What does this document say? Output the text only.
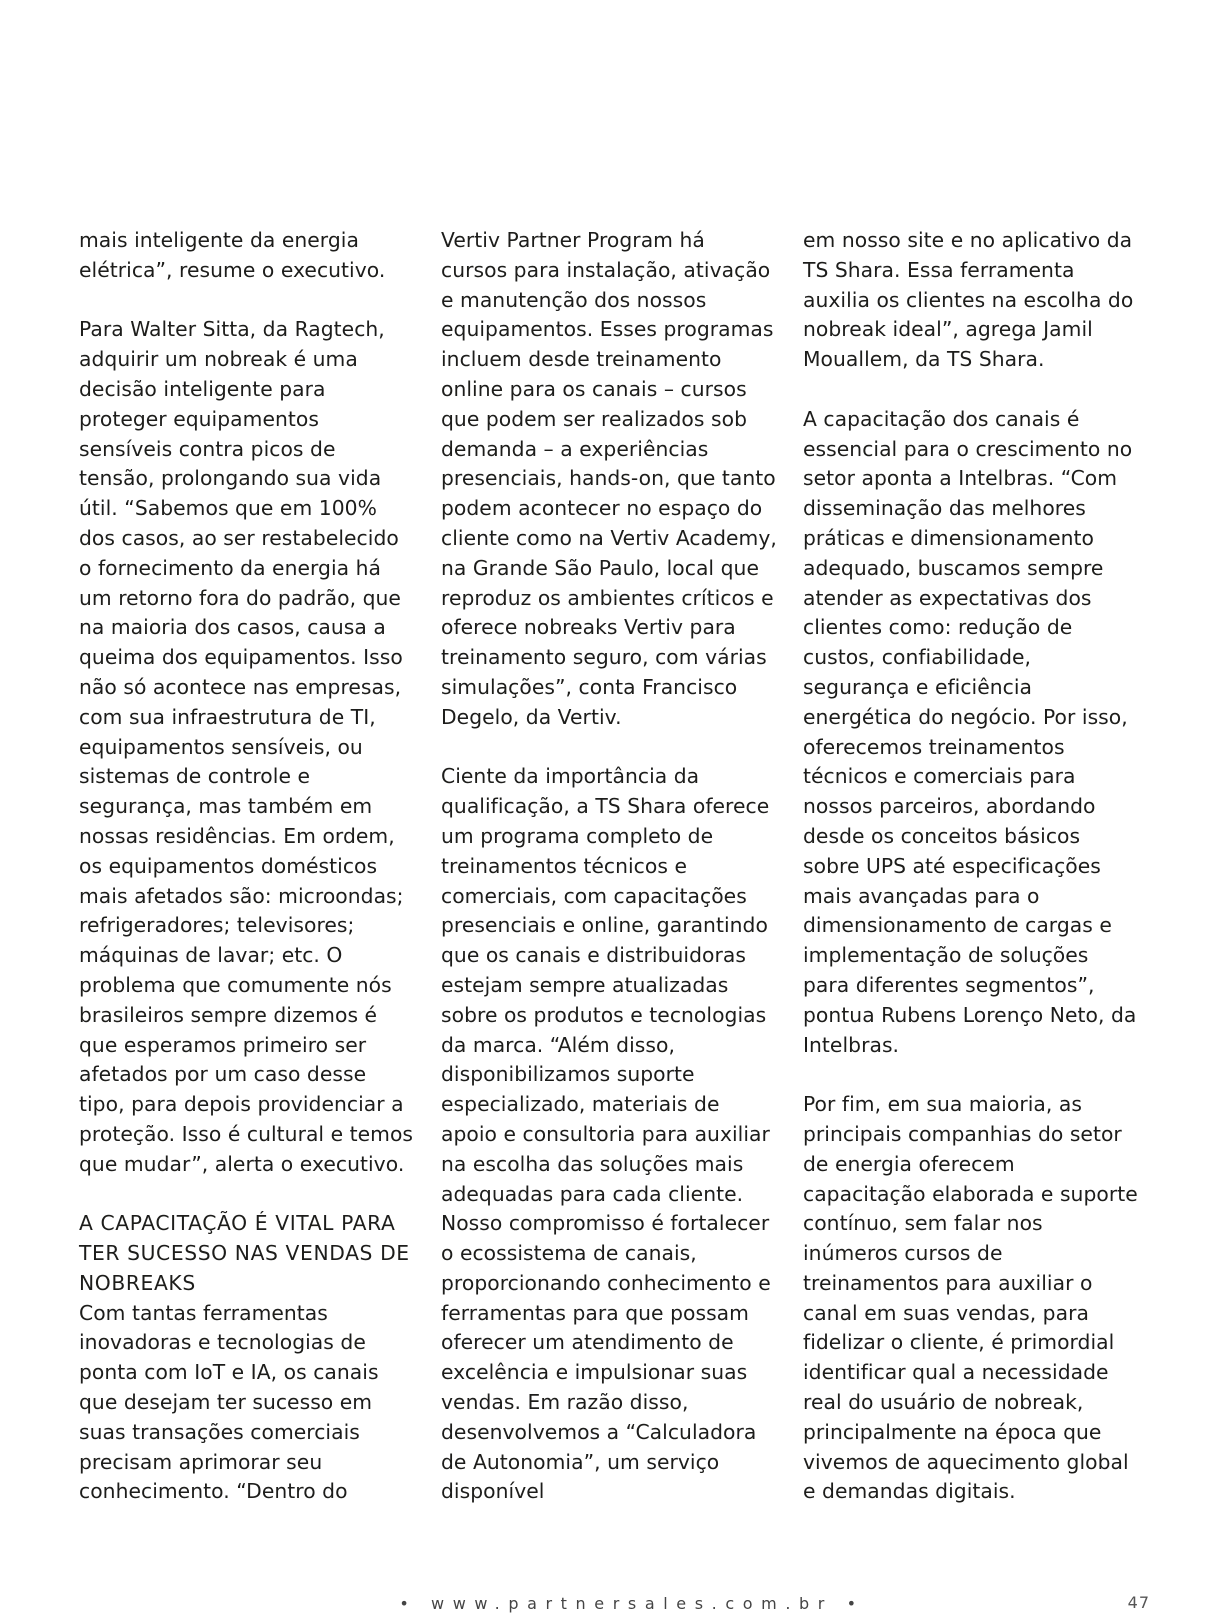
mais inteligente da energia elétrica”, resume o executivo.

Para Walter Sitta, da Ragtech, adquirir um nobreak é uma decisão inteligente para proteger equipamentos sensíveis contra picos de tensão, prolongando sua vida útil. “Sabemos que em 100% dos casos, ao ser restabelecido o fornecimento da energia há um retorno fora do padrão, que na maioria dos casos, causa a queima dos equipamentos. Isso não só acontece nas empresas, com sua infraestrutura de TI, equipamentos sensíveis, ou sistemas de controle e segurança, mas também em nossas residências. Em ordem, os equipamentos domésticos mais afetados são: microondas; refrigeradores; televisores; máquinas de lavar; etc. O problema que comumente nós brasileiros sempre dizemos é que esperamos primeiro ser afetados por um caso desse tipo, para depois providenciar a proteção. Isso é cultural e temos que mudar”, alerta o executivo.

A CAPACITAÇÃO É VITAL PARA TER SUCESSO NAS VENDAS DE NOBREAKS
Com tantas ferramentas inovadoras e tecnologias de ponta com IoT e IA, os canais que desejam ter sucesso em suas transações comerciais precisam aprimorar seu conhecimento. “Dentro do

Vertiv Partner Program há cursos para instalação, ativação e manutenção dos nossos equipamentos. Esses programas incluem desde treinamento online para os canais – cursos que podem ser realizados sob demanda – a experiências presenciais, hands-on, que tanto podem acontecer no espaço do cliente como na Vertiv Academy, na Grande São Paulo, local que reproduz os ambientes críticos e oferece nobreaks Vertiv para treinamento seguro, com várias simulações”, conta Francisco Degelo, da Vertiv.

Ciente da importância da qualificação, a TS Shara oferece um programa completo de treinamentos técnicos e comerciais, com capacitações presenciais e online, garantindo que os canais e distribuidoras estejam sempre atualizadas sobre os produtos e tecnologias da marca. “Além disso, disponibilizamos suporte especializado, materiais de apoio e consultoria para auxiliar na escolha das soluções mais adequadas para cada cliente. Nosso compromisso é fortalecer o ecossistema de canais, proporcionando conhecimento e ferramentas para que possam oferecer um atendimento de excelência e impulsionar suas vendas. Em razão disso, desenvolvemos a “Calculadora de Autonomia”, um serviço disponível

em nosso site e no aplicativo da TS Shara. Essa ferramenta auxilia os clientes na escolha do nobreak ideal”, agrega Jamil Mouallem, da TS Shara.

A capacitação dos canais é essencial para o crescimento no setor aponta a Intelbras. “Com disseminação das melhores práticas e dimensionamento adequado, buscamos sempre atender as expectativas dos clientes como: redução de custos, confiabilidade, segurança e eficiência energética do negócio. Por isso, oferecemos treinamentos técnicos e comerciais para nossos parceiros, abordando desde os conceitos básicos sobre UPS até especificações mais avançadas para o dimensionamento de cargas e implementação de soluções para diferentes segmentos”, pontua Rubens Lorenço Neto, da Intelbras.

Por fim, em sua maioria, as principais companhias do setor de energia oferecem capacitação elaborada e suporte contínuo, sem falar nos inúmeros cursos de treinamentos para auxiliar o canal em suas vendas, para fidelizar o cliente, é primordial identificar qual a necessidade real do usuário de nobreak, principalmente na época que vivemos de aquecimento global e demandas digitais.

• www.partnersales.com.br •	47
